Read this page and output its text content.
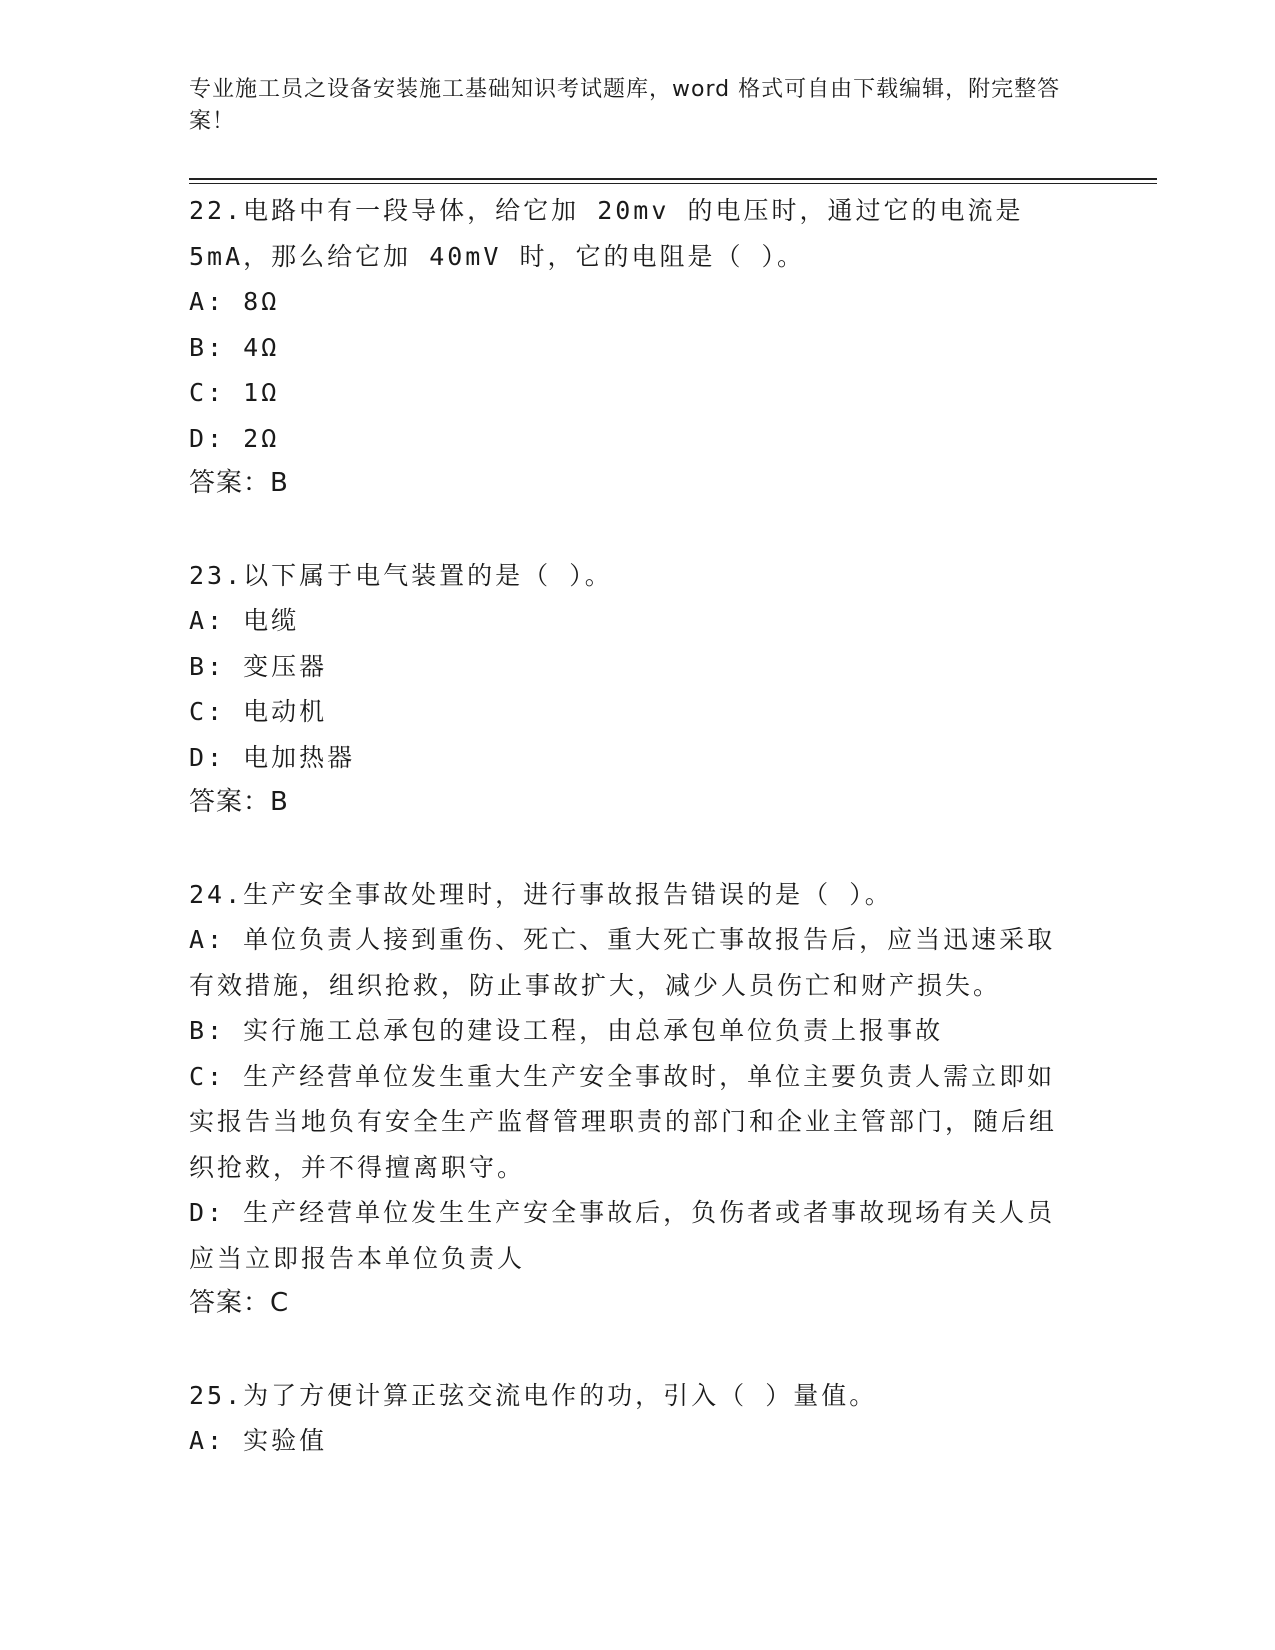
专业施工员之设备安装施工基础知识考试题库，word 格式可自由下载编辑，附完整答案！
22.电路中有一段导体，给它加 20mv 的电压时，通过它的电流是 5mA，那么给它加 40mV 时，它的电阻是（ ）。
A: 8Ω
B: 4Ω
C: 1Ω
D: 2Ω
答案：B
23.以下属于电气装置的是（ ）。
A: 电缆
B: 变压器
C: 电动机
D: 电加热器
答案：B
24.生产安全事故处理时，进行事故报告错误的是（ ）。
A: 单位负责人接到重伤、死亡、重大死亡事故报告后，应当迅速采取有效措施，组织抢救，防止事故扩大，减少人员伤亡和财产损失。
B: 实行施工总承包的建设工程，由总承包单位负责上报事故
C: 生产经营单位发生重大生产安全事故时，单位主要负责人需立即如实报告当地负有安全生产监督管理职责的部门和企业主管部门，随后组织抢救，并不得擅离职守。
D: 生产经营单位发生生产安全事故后，负伤者或者事故现场有关人员应当立即报告本单位负责人
答案：C
25.为了方便计算正弦交流电作的功，引入（ ）量值。
A: 实验值
